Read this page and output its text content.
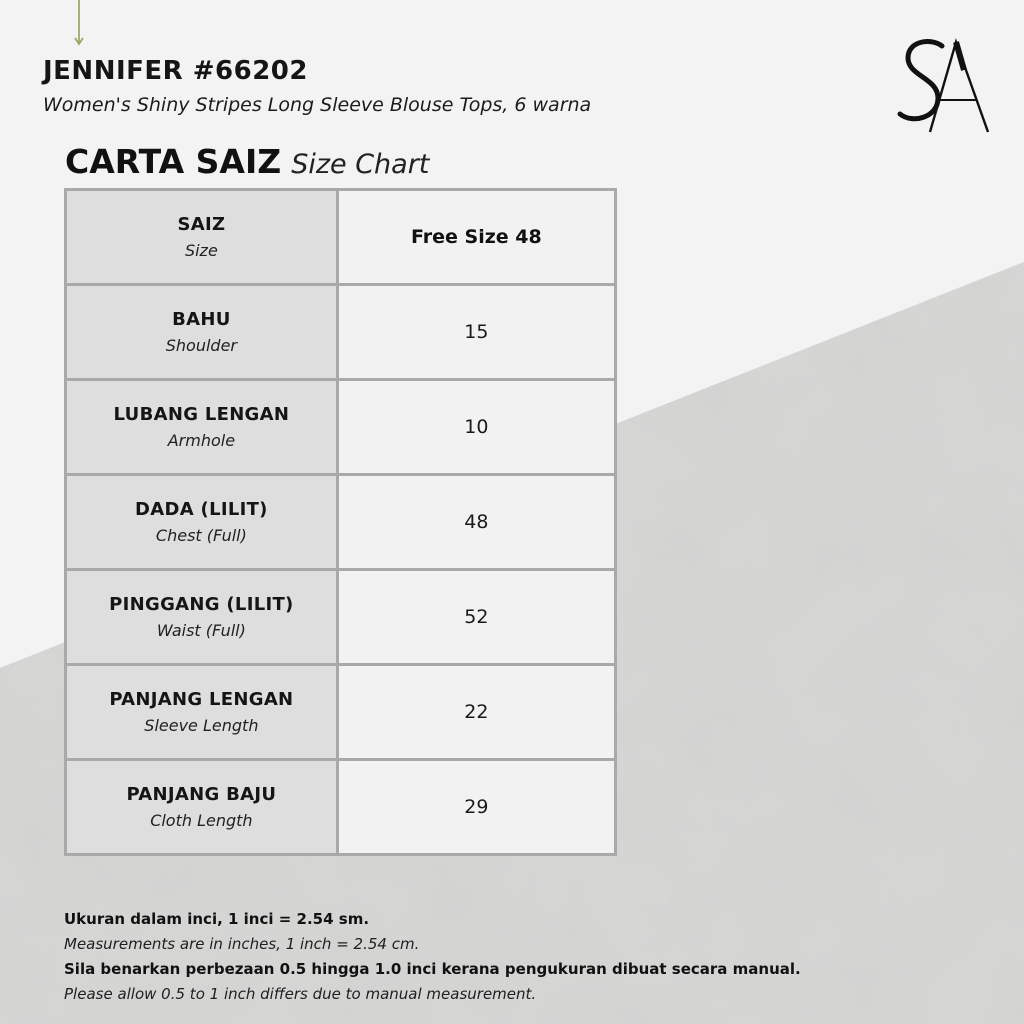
JENNIFER #66202
Women's Shiny Stripes Long Sleeve Blouse Tops, 6 warna
CARTA SAIZ Size Chart
SAIZ
Size	Free Size 48

BAHU
Shoulder	15

LUBANG LENGAN
Armhole	10

DADA (LILIT)
Chest (Full)	48

PINGGANG (LILIT)
Waist (Full)	52

PANJANG LENGAN
Sleeve Length	22

PANJANG BAJU
Cloth Length	29
Ukuran dalam inci, 1 inci = 2.54 sm.
Measurements are in inches, 1 inch = 2.54 cm.
Sila benarkan perbezaan 0.5 hingga 1.0 inci kerana pengukuran dibuat secara manual.
Please allow 0.5 to 1 inch differs due to manual measurement.
